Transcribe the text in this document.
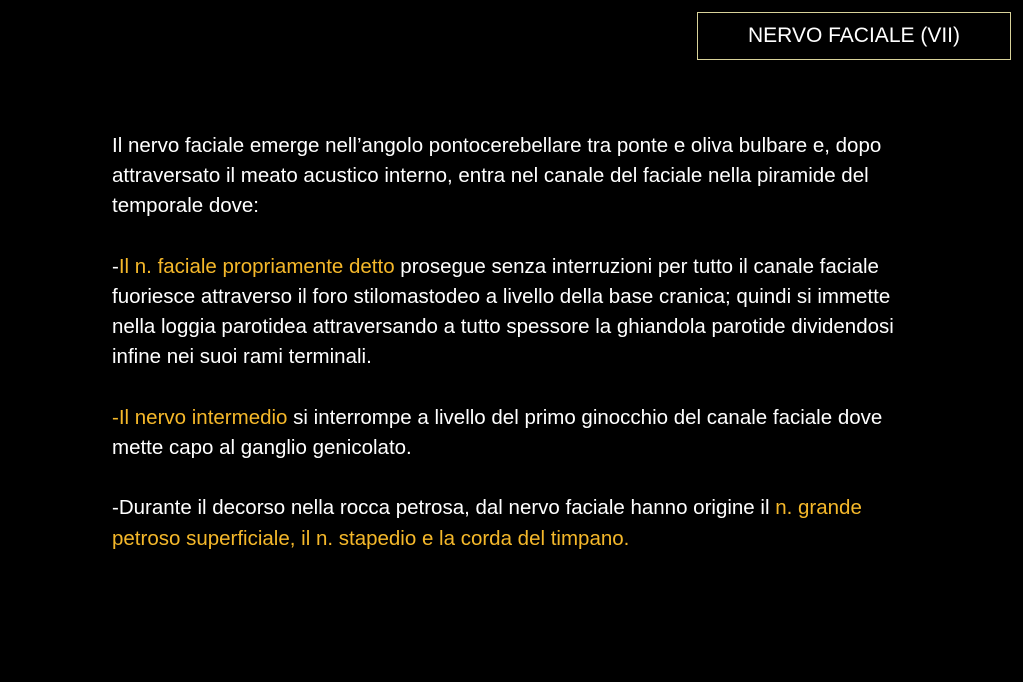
NERVO FACIALE (VII)

Il nervo faciale emerge nell’angolo pontocerebellare tra ponte e oliva bulbare e, dopo attraversato il meato acustico interno, entra nel canale del faciale nella piramide del temporale dove:

-Il n. faciale propriamente detto prosegue senza interruzioni per tutto il canale faciale fuoriesce attraverso il foro stilomastodeo a livello della base cranica; quindi si immette nella loggia parotidea attraversando a tutto spessore la ghiandola parotide dividendosi infine nei suoi rami terminali.

-Il nervo intermedio si interrompe a livello del primo ginocchio del canale faciale dove mette capo al ganglio genicolato.

-Durante il decorso nella rocca petrosa, dal nervo faciale hanno origine il n. grande petroso superficiale, il n. stapedio e la corda del timpano.
